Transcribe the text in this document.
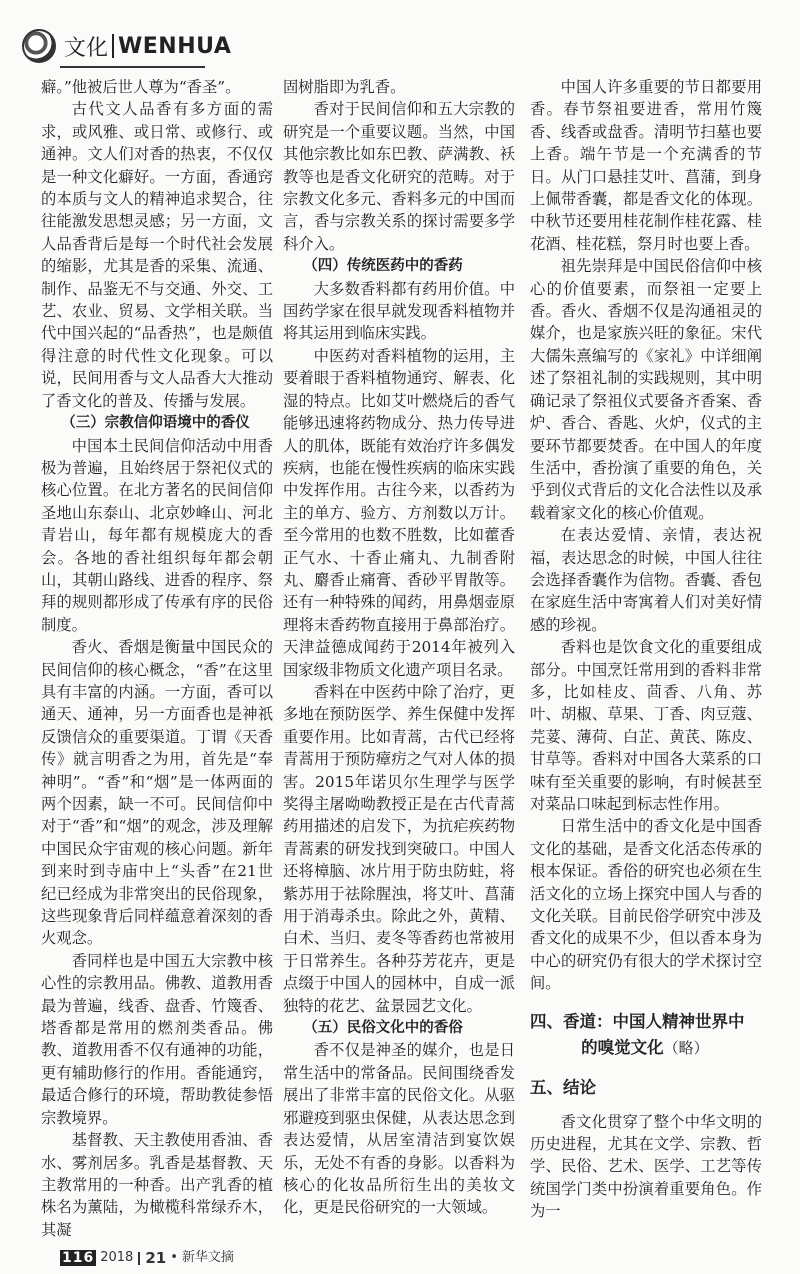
文化 WENHUA

癖。”他被后世人尊为“香圣”。

古代文人品香有多方面的需求，或风雅、或日常、或修行、或通神。文人们对香的热衷，不仅仅是一种文化癖好。一方面，香通窍的本质与文人的精神追求契合，往往能激发思想灵感；另一方面，文人品香背后是每一个时代社会发展的缩影，尤其是香的采集、流通、制作、品鉴无不与交通、外交、工艺、农业、贸易、文学相关联。当代中国兴起的“品香热”，也是颇值得注意的时代性文化现象。可以说，民间用香与文人品香大大推动了香文化的普及、传播与发展。

（三）宗教信仰语境中的香仪

中国本土民间信仰活动中用香极为普遍，且始终居于祭祀仪式的核心位置。在北方著名的民间信仰圣地山东泰山、北京妙峰山、河北青岩山，每年都有规模庞大的香会。各地的香社组织每年都会朝山，其朝山路线、进香的程序、祭拜的规则都形成了传承有序的民俗制度。

香火、香烟是衡量中国民众的民间信仰的核心概念，“香”在这里具有丰富的内涵。一方面，香可以通天、通神，另一方面香也是神祇反馈信众的重要渠道。丁谓《天香传》就言明香之为用，首先是“奉神明”。“香”和“烟”是一体两面的两个因素，缺一不可。民间信仰中对于“香”和“烟”的观念，涉及理解中国民众宇宙观的核心问题。新年到来时到寺庙中上“头香”在21世纪已经成为非常突出的民俗现象，这些现象背后同样蕴意着深刻的香火观念。

香同样也是中国五大宗教中核心性的宗教用品。佛教、道教用香最为普遍，线香、盘香、竹篾香、塔香都是常用的燃剂类香品。佛教、道教用香不仅有通神的功能，更有辅助修行的作用。香能通窍，最适合修行的环境，帮助教徒参悟宗教境界。

基督教、天主教使用香油、香水、雾剂居多。乳香是基督教、天主教常用的一种香。出产乳香的植株名为薰陆，为橄榄科常绿乔木，其凝

固树脂即为乳香。

香对于民间信仰和五大宗教的研究是一个重要议题。当然，中国其他宗教比如东巴教、萨满教、袄教等也是香文化研究的范畴。对于宗教文化多元、香料多元的中国而言，香与宗教关系的探讨需要多学科介入。

（四）传统医药中的香药

大多数香料都有药用价值。中国药学家在很早就发现香料植物并将其运用到临床实践。

中医药对香料植物的运用，主要着眼于香料植物通窍、解表、化湿的特点。比如艾叶燃烧后的香气能够迅速将药物成分、热力传导进人的肌体，既能有效治疗许多偶发疾病，也能在慢性疾病的临床实践中发挥作用。古往今来，以香药为主的单方、验方、方剂数以万计。至今常用的也数不胜数，比如藿香正气水、十香止痛丸、九制香附丸、麝香止痛膏、香砂平胃散等。还有一种特殊的闻药，用鼻烟壶原理将末香药物直接用于鼻部治疗。天津益德成闻药于2014年被列入国家级非物质文化遗产项目名录。

香料在中医药中除了治疗，更多地在预防医学、养生保健中发挥重要作用。比如青蒿，古代已经将青蒿用于预防瘴疠之气对人体的损害。2015年诺贝尔生理学与医学奖得主屠呦呦教授正是在古代青蒿药用描述的启发下，为抗疟疾药物青蒿素的研发找到突破口。中国人还将樟脑、冰片用于防虫防蛀，将紫苏用于祛除腥浊，将艾叶、菖蒲用于消毒杀虫。除此之外，黄精、白术、当归、麦冬等香药也常被用于日常养生。各种芬芳花卉，更是点缀于中国人的园林中，自成一派独特的花艺、盆景园艺文化。

（五）民俗文化中的香俗

香不仅是神圣的媒介，也是日常生活中的常备品。民间围绕香发展出了非常丰富的民俗文化。从驱邪避疫到驱虫保健，从表达思念到表达爱情，从居室清洁到宴饮娱乐，无处不有香的身影。以香料为核心的化妆品所衍生出的美妆文化，更是民俗研究的一大领域。

中国人许多重要的节日都要用香。春节祭祖要进香，常用竹篾香、线香或盘香。清明节扫墓也要上香。端午节是一个充满香的节日。从门口悬挂艾叶、菖蒲，到身上佩带香囊，都是香文化的体现。中秋节还要用桂花制作桂花露、桂花酒、桂花糕，祭月时也要上香。

祖先崇拜是中国民俗信仰中核心的价值要素，而祭祖一定要上香。香火、香烟不仅是沟通祖灵的媒介，也是家族兴旺的象征。宋代大儒朱熹编写的《家礼》中详细阐述了祭祖礼制的实践规则，其中明确记录了祭祖仪式要备齐香案、香炉、香合、香匙、火炉，仪式的主要环节都要焚香。在中国人的年度生活中，香扮演了重要的角色，关乎到仪式背后的文化合法性以及承载着家文化的核心价值观。

在表达爱情、亲情，表达祝福，表达思念的时候，中国人往往会选择香囊作为信物。香囊、香包在家庭生活中寄寓着人们对美好情感的珍视。

香料也是饮食文化的重要组成部分。中国烹饪常用到的香料非常多，比如桂皮、茴香、八角、苏叶、胡椒、草果、丁香、肉豆蔻、芫荽、薄荷、白芷、黄芪、陈皮、甘草等。香料对中国各大菜系的口味有至关重要的影响，有时候甚至对菜品口味起到标志性作用。

日常生活中的香文化是中国香文化的基础，是香文化活态传承的根本保证。香俗的研究也必须在生活文化的立场上探究中国人与香的文化关联。目前民俗学研究中涉及香文化的成果不少，但以香本身为中心的研究仍有很大的学术探讨空间。

四、香道：中国人精神世界中
的嗅觉文化（略）
五、结论

香文化贯穿了整个中华文明的历史进程，尤其在文学、宗教、哲学、民俗、艺术、医学、工艺等传统国学门类中扮演着重要角色。作为一

116 2018 21 • 新华文摘
